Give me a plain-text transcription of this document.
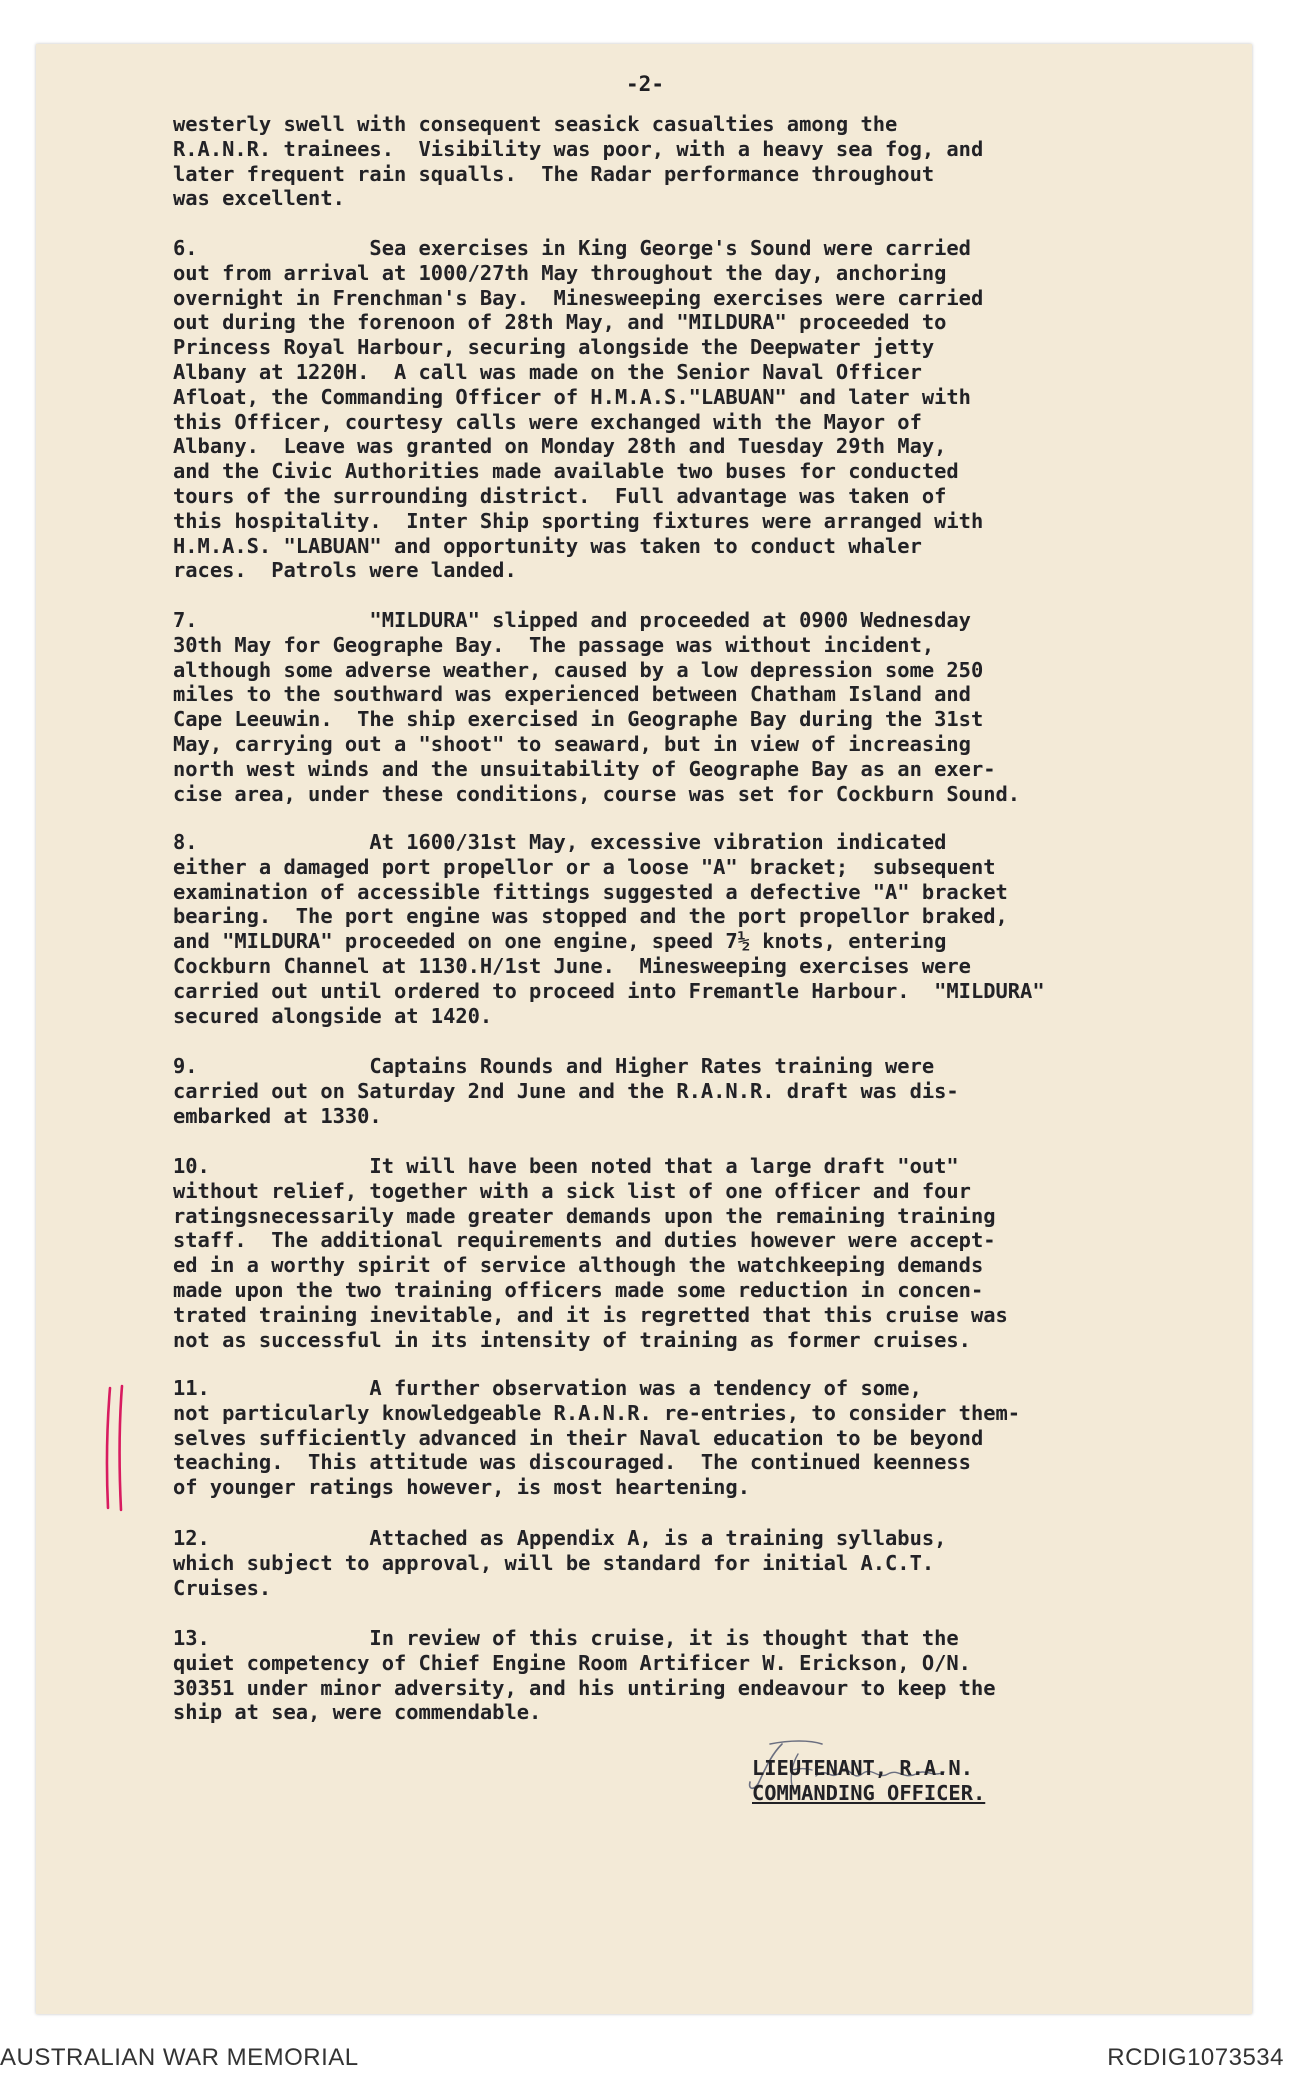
-2-
westerly swell with consequent seasick casualties among the
R.A.N.R. trainees.  Visibility was poor, with a heavy sea fog, and
later frequent rain squalls.  The Radar performance throughout
was excellent.
6.              Sea exercises in King George's Sound were carried
out from arrival at 1000/27th May throughout the day, anchoring
overnight in Frenchman's Bay.  Minesweeping exercises were carried
out during the forenoon of 28th May, and "MILDURA" proceeded to
Princess Royal Harbour, securing alongside the Deepwater jetty
Albany at 1220H.  A call was made on the Senior Naval Officer
Afloat, the Commanding Officer of H.M.A.S."LABUAN" and later with
this Officer, courtesy calls were exchanged with the Mayor of
Albany.  Leave was granted on Monday 28th and Tuesday 29th May,
and the Civic Authorities made available two buses for conducted
tours of the surrounding district.  Full advantage was taken of
this hospitality.  Inter Ship sporting fixtures were arranged with
H.M.A.S. "LABUAN" and opportunity was taken to conduct whaler
races.  Patrols were landed.
7.              "MILDURA" slipped and proceeded at 0900 Wednesday
30th May for Geographe Bay.  The passage was without incident,
although some adverse weather, caused by a low depression some 250
miles to the southward was experienced between Chatham Island and
Cape Leeuwin.  The ship exercised in Geographe Bay during the 31st
May, carrying out a "shoot" to seaward, but in view of increasing
north west winds and the unsuitability of Geographe Bay as an exer-
cise area, under these conditions, course was set for Cockburn Sound.
8.              At 1600/31st May, excessive vibration indicated
either a damaged port propellor or a loose "A" bracket;  subsequent
examination of accessible fittings suggested a defective "A" bracket
bearing.  The port engine was stopped and the port propellor braked,
and "MILDURA" proceeded on one engine, speed 7½ knots, entering
Cockburn Channel at 1130.H/1st June.  Minesweeping exercises were
carried out until ordered to proceed into Fremantle Harbour.  "MILDURA"
secured alongside at 1420.
9.              Captains Rounds and Higher Rates training were
carried out on Saturday 2nd June and the R.A.N.R. draft was dis-
embarked at 1330.
10.             It will have been noted that a large draft "out"
without relief, together with a sick list of one officer and four
ratingsnecessarily made greater demands upon the remaining training
staff.  The additional requirements and duties however were accept-
ed in a worthy spirit of service although the watchkeeping demands
made upon the two training officers made some reduction in concen-
trated training inevitable, and it is regretted that this cruise was
not as successful in its intensity of training as former cruises.
11.             A further observation was a tendency of some,
not particularly knowledgeable R.A.N.R. re-entries, to consider them-
selves sufficiently advanced in their Naval education to be beyond
teaching.  This attitude was discouraged.  The continued keenness
of younger ratings however, is most heartening.
12.             Attached as Appendix A, is a training syllabus,
which subject to approval, will be standard for initial A.C.T.
Cruises.
13.             In review of this cruise, it is thought that the
quiet competency of Chief Engine Room Artificer W. Erickson, O/N.
30351 under minor adversity, and his untiring endeavour to keep the
ship at sea, were commendable.
LIEUTENANT, R.A.N.
COMMANDING OFFICER.
AUSTRALIAN WAR MEMORIAL	RCDIG1073534
